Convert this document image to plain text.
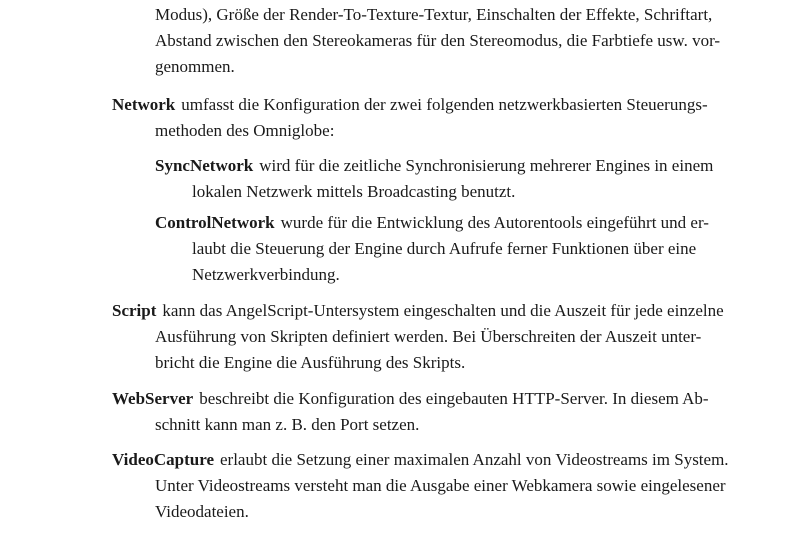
Modus), Größe der Render-To-Texture-Textur, Einschalten der Effekte, Schriftart,
Abstand zwischen den Stereokameras für den Stereomodus, die Farbtiefe usw. vor-
genommen.

Network umfasst die Konfiguration der zwei folgenden netzwerkbasierten Steuerungs-

methoden des Omniglobe:

SyncNetwork wird für die zeitliche Synchronisierung mehrerer Engines in einem

lokalen Netzwerk mittels Broadcasting benutzt.

ControlNetwork wurde für die Entwicklung des Autorentools eingeführt und er-

laubt die Steuerung der Engine durch Aufrufe ferner Funktionen über eine
Netzwerkverbindung.

Script kann das AngelScript-Untersystem eingeschalten und die Auszeit für jede einzelne

Ausführung von Skripten definiert werden. Bei Überschreiten der Auszeit unter-
bricht die Engine die Ausführung des Skripts.

WebServer beschreibt die Konfiguration des eingebauten HTTP-Server. In diesem Ab-

schnitt kann man z. B. den Port setzen.

VideoCapture erlaubt die Setzung einer maximalen Anzahl von Videostreams im System.

Unter Videostreams versteht man die Ausgabe einer Webkamera sowie eingelesener
Videodateien.
